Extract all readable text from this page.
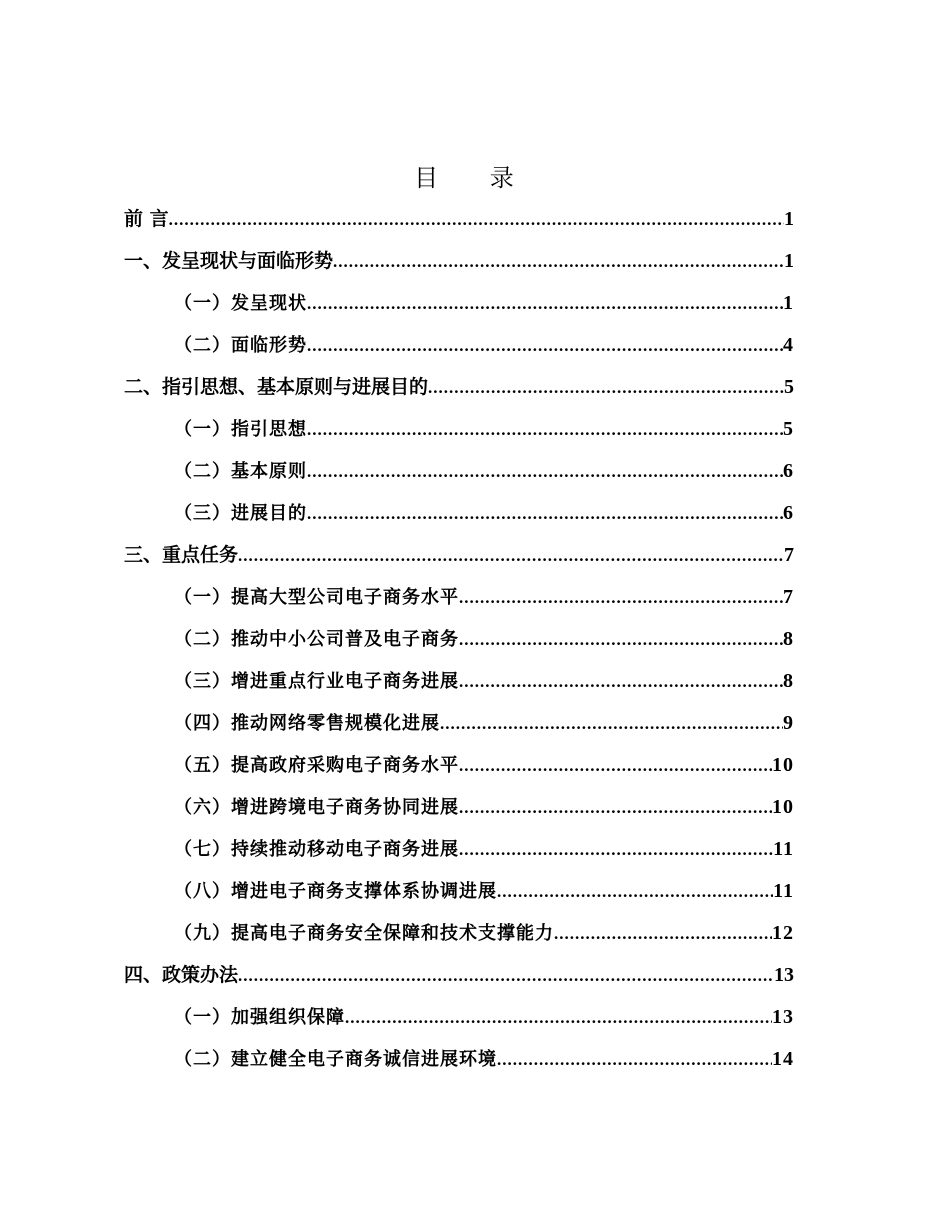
目 录
前 言 .....	1
一、发呈现状与面临形势 .....	1
（一）发呈现状 .....	1
（二）面临形势 .....	4
二、指引思想、基本原则与进展目的 .....	5
（一）指引思想 .....	5
（二）基本原则 .....	6
（三）进展目的 .....	6
三、重点任务 .....	7
（一）提高大型公司电子商务水平 .....	7
（二）推动中小公司普及电子商务 .....	8
（三）增进重点行业电子商务进展 .....	8
（四）推动网络零售规模化进展 .....	9
（五）提高政府采购电子商务水平 .....	10
（六）增进跨境电子商务协同进展 .....	10
（七）持续推动移动电子商务进展 .....	11
（八）增进电子商务支撑体系协调进展 .....	11
（九）提高电子商务安全保障和技术支撑能力 .....	12
四、政策办法 .....	13
（一）加强组织保障 .....	13
（二）建立健全电子商务诚信进展环境 .....	14
